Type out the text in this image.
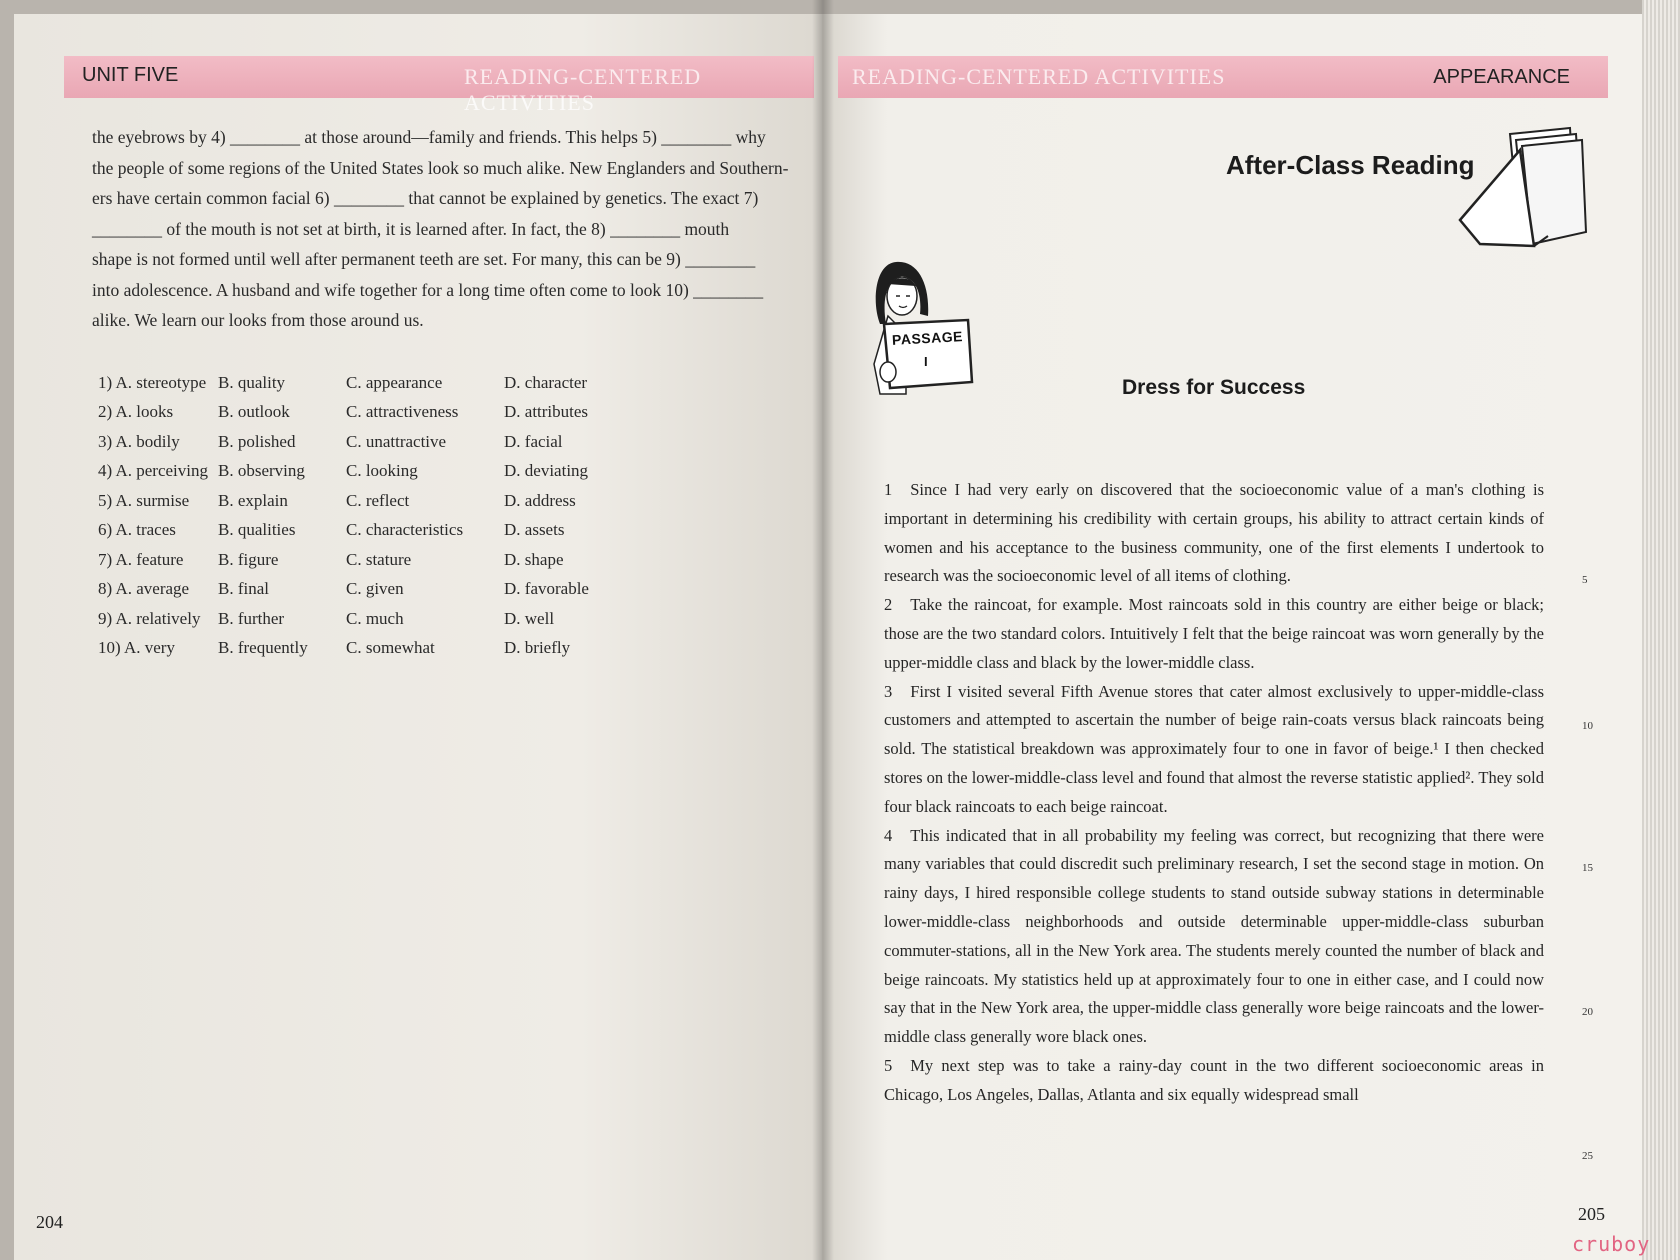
UNIT FIVE	READING-CENTERED ACTIVITIES
the eyebrows by 4) ________ at those around—family and friends. This helps 5) ________ why
the people of some regions of the United States look so much alike. New Englanders and Southern-
ers have certain common facial 6) ________ that cannot be explained by genetics. The exact 7)
________ of the mouth is not set at birth, it is learned after. In fact, the 8) ________ mouth
shape is not formed until well after permanent teeth are set. For many, this can be 9) ________
into adolescence. A husband and wife together for a long time often come to look 10) ________
alike. We learn our looks from those around us.
1) A. stereotype	B. quality	C. appearance	D. character
2) A. looks	B. outlook	C. attractiveness	D. attributes
3) A. bodily	B. polished	C. unattractive	D. facial
4) A. perceiving	B. observing	C. looking	D. deviating
5) A. surmise	B. explain	C. reflect	D. address
6) A. traces	B. qualities	C. characteristics	D. assets
7) A. feature	B. figure	C. stature	D. shape
8) A. average	B. final	C. given	D. favorable
9) A. relatively	B. further	C. much	D. well
10) A. very	B. frequently	C. somewhat	D. briefly

204
READING-CENTERED ACTIVITIES	APPEARANCE
After-Class Reading
PASSAGE
I
Dress for Success

1 Since I had very early on discovered that the socioeconomic value of a man's clothing is important in determining his credibility with certain groups, his ability to attract certain kinds of women and his acceptance to the business community, one of the first elements I undertook to research was the socioeconomic level of all items of clothing.

2 Take the raincoat, for example. Most raincoats sold in this country are either beige or black; those are the two standard colors. Intuitively I felt that the beige raincoat was worn generally by the upper-middle class and black by the lower-middle class.

3 First I visited several Fifth Avenue stores that cater almost exclusively to upper-middle-class customers and attempted to ascertain the number of beige rain-coats versus black raincoats being sold. The statistical breakdown was approximately four to one in favor of beige.¹ I then checked stores on the lower-middle-class level and found that almost the reverse statistic applied². They sold four black raincoats to each beige raincoat.

4 This indicated that in all probability my feeling was correct, but recognizing that there were many variables that could discredit such preliminary research, I set the second stage in motion. On rainy days, I hired responsible college students to stand outside subway stations in determinable lower-middle-class neighborhoods and outside determinable upper-middle-class suburban commuter-stations, all in the New York area. The students merely counted the number of black and beige raincoats. My statistics held up at approximately four to one in either case, and I could now say that in the New York area, the upper-middle class generally wore beige raincoats and the lower-middle class generally wore black ones.

5 My next step was to take a rainy-day count in the two different socioeconomic areas in Chicago, Los Angeles, Dallas, Atlanta and six equally widespread small

5
10
15
20
25
205
cruboy
